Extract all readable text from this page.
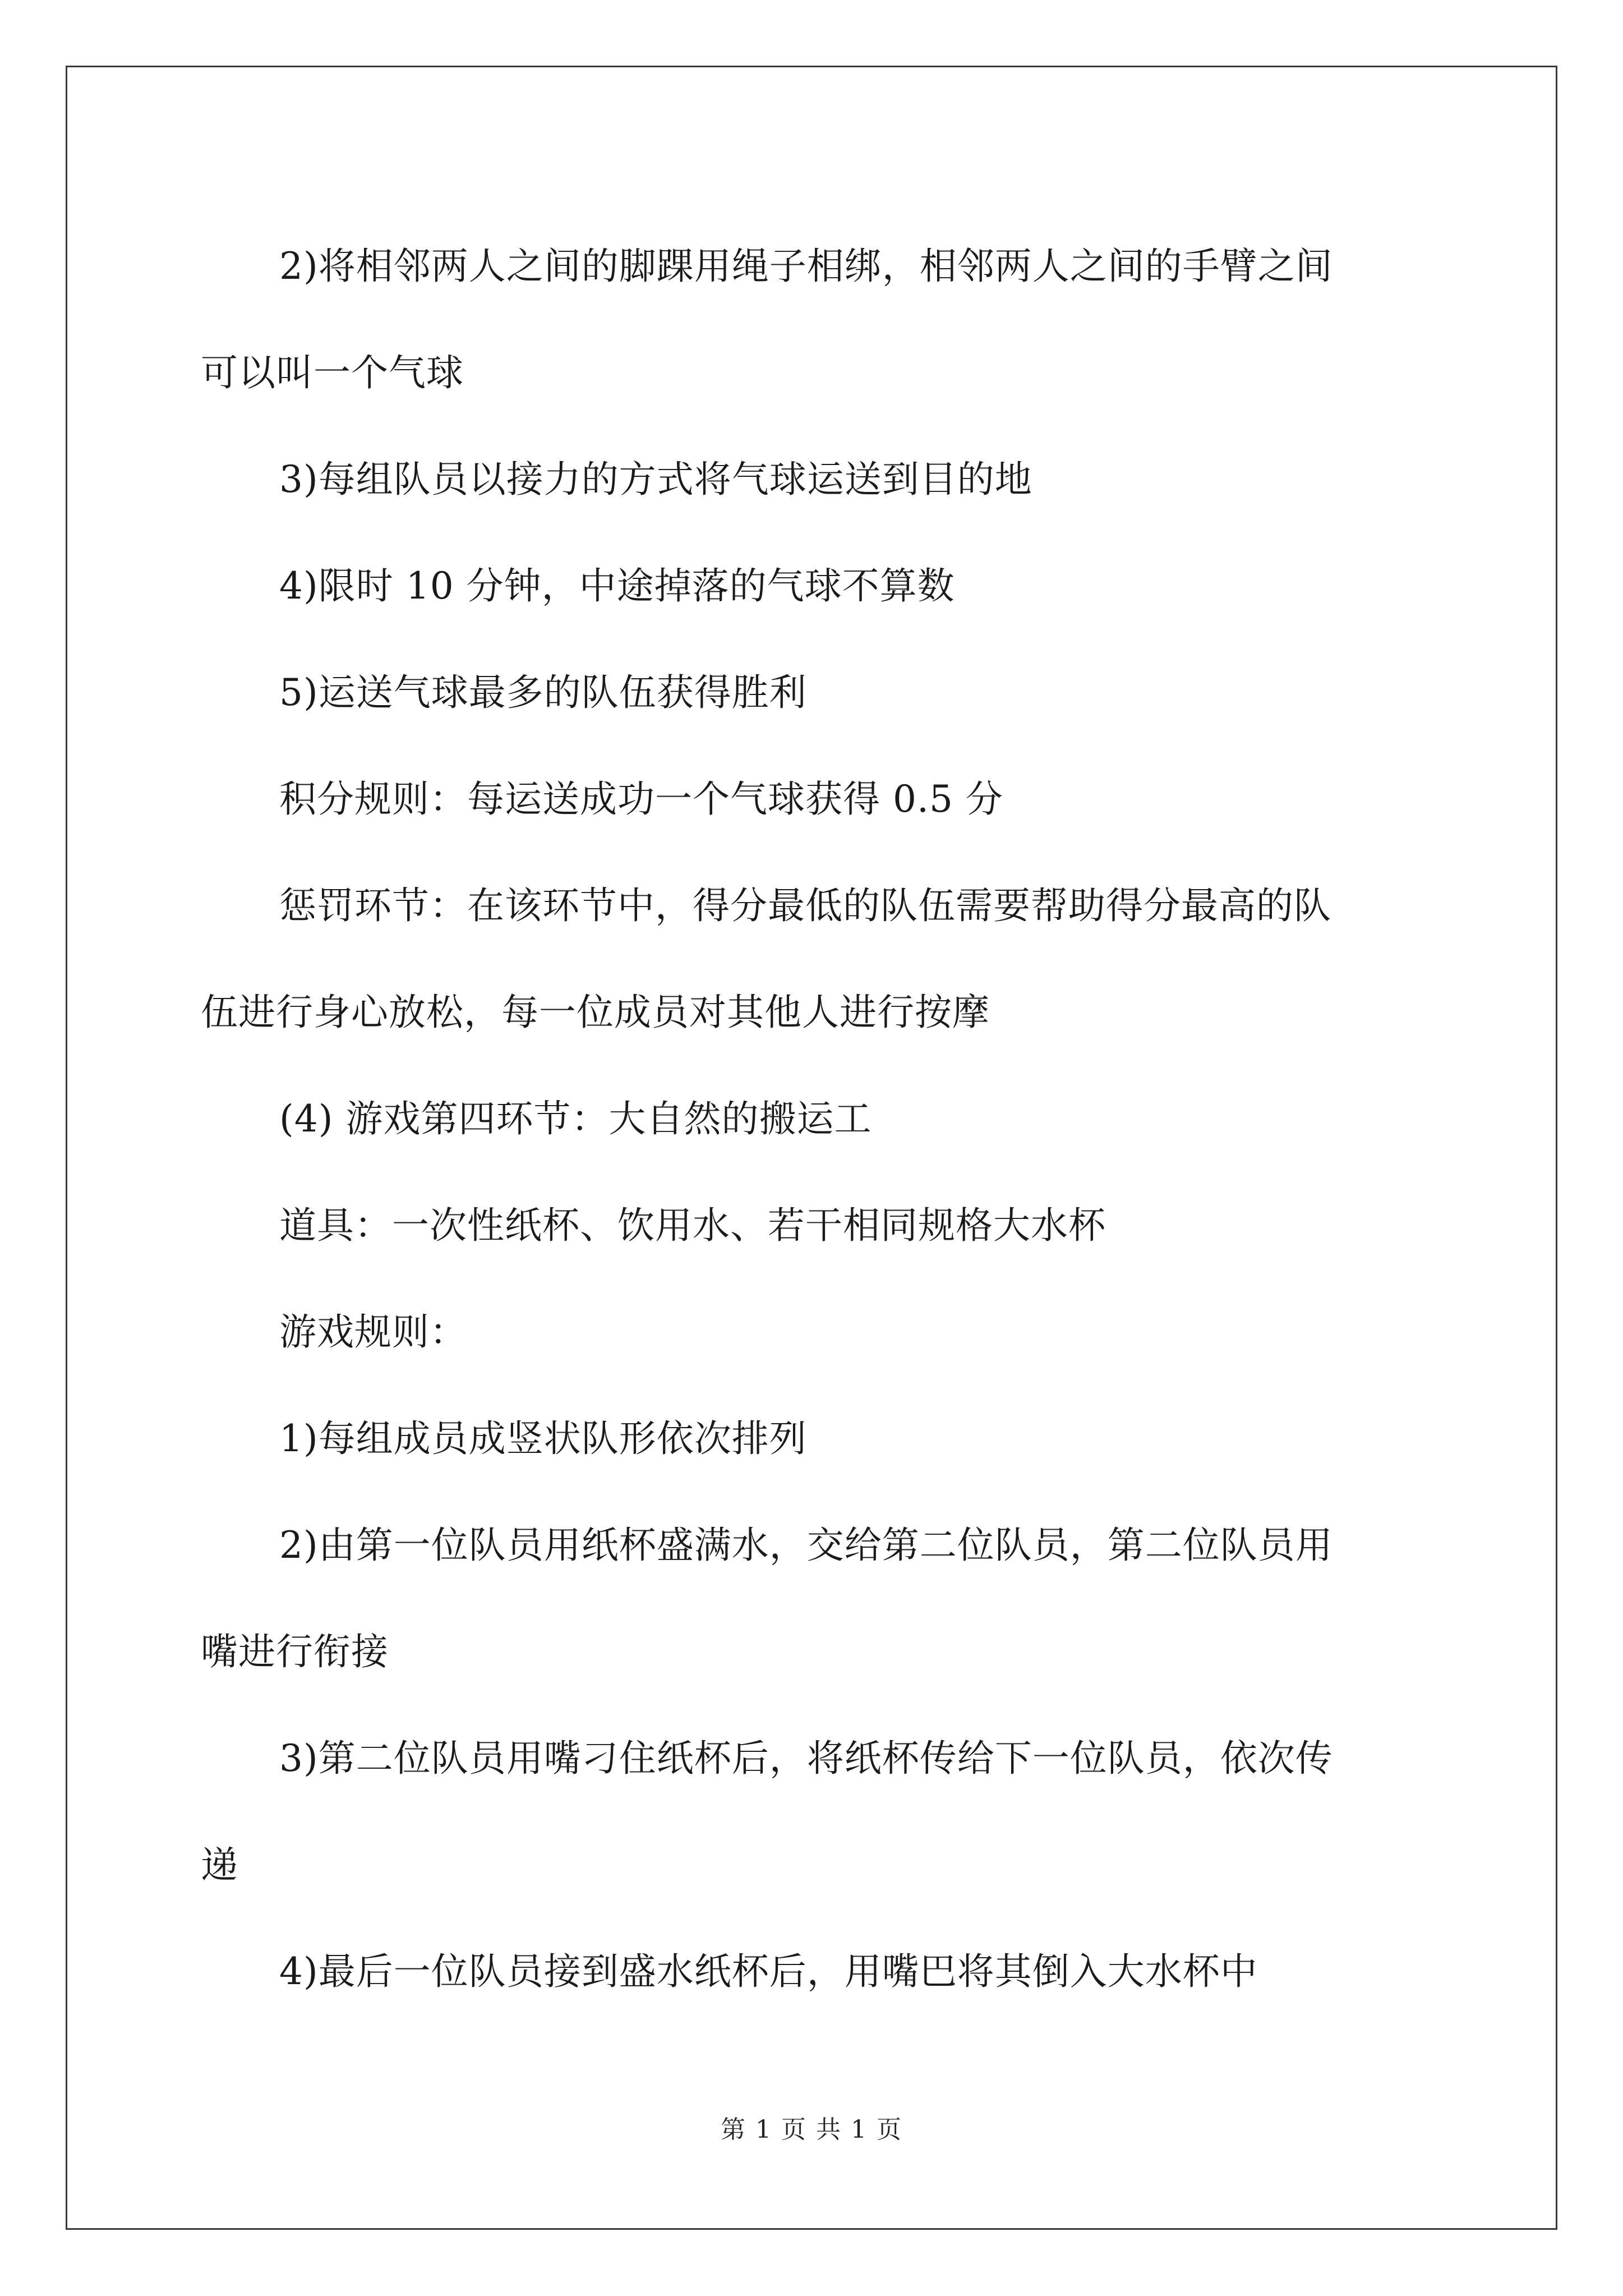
2)将相邻两人之间的脚踝用绳子相绑，相邻两人之间的手臂之间

可以叫一个气球

3)每组队员以接力的方式将气球运送到目的地

4)限时 10 分钟，中途掉落的气球不算数

5)运送气球最多的队伍获得胜利

积分规则：每运送成功一个气球获得 0.5 分

惩罚环节：在该环节中，得分最低的队伍需要帮助得分最高的队

伍进行身心放松，每一位成员对其他人进行按摩

(4) 游戏第四环节：大自然的搬运工

道具：一次性纸杯、饮用水、若干相同规格大水杯

游戏规则：

1)每组成员成竖状队形依次排列

2)由第一位队员用纸杯盛满水，交给第二位队员，第二位队员用

嘴进行衔接

3)第二位队员用嘴刁住纸杯后，将纸杯传给下一位队员，依次传

递

4)最后一位队员接到盛水纸杯后，用嘴巴将其倒入大水杯中

第 1 页 共 1 页
